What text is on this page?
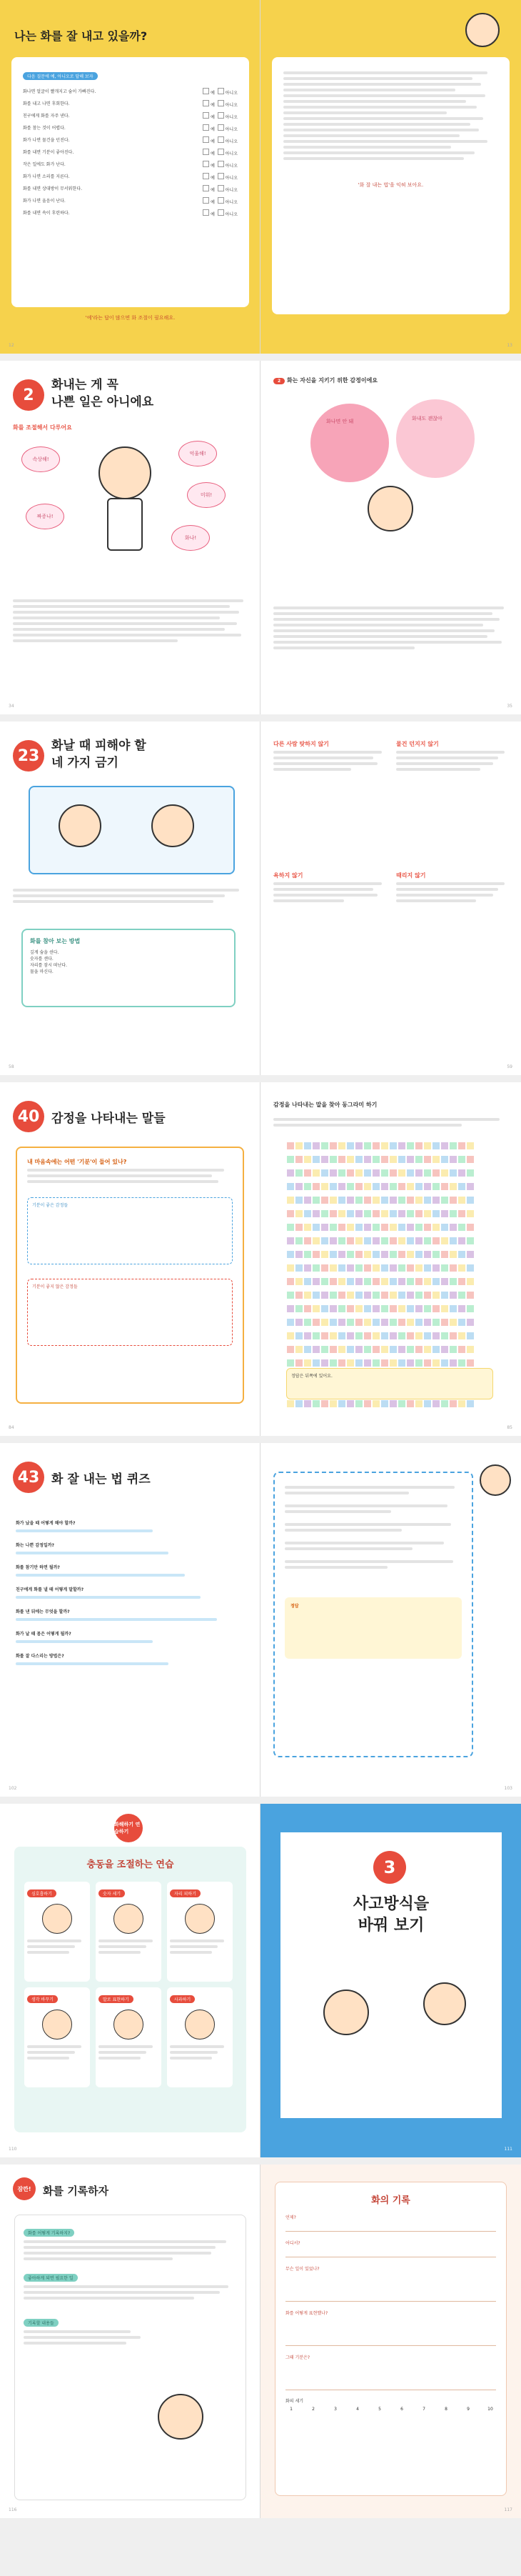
나는 화를 잘 내고 있을까?
다음 질문에 예, 아니오로 답해 보자
화나면 얼굴이 빨개지고 숨이 가빠진다.	예 아니오
화를 내고 나면 후회한다.	예 아니오
친구에게 화를 자주 낸다.	예 아니오
화를 참는 것이 어렵다.	예 아니오
화가 나면 물건을 던진다.	예 아니오
화를 내면 기분이 좋아진다.	예 아니오
작은 일에도 화가 난다.	예 아니오
화가 나면 소리를 지른다.	예 아니오
화를 내면 상대방이 무서워한다.	예 아니오
화가 나면 울음이 난다.	예 아니오
화를 내면 속이 후련하다.	예 아니오
'예'라는 답이 많으면 화 조절이 필요해요.
12
'화 잘 내는 법'을 익혀 보아요.
13
2
화내는 게 꼭
나쁜 일은 아니에요
화를 조절해서 다루어요
속상해!
억울해!
짜증나!
미워!
화나!
34
2 화는 자신을 지키기 위한 감정이에요
화나면 안 돼	화내도 괜찮아
35
23
화날 때 피해야 할
네 가지 금기
화를 참아 보는 방법
깊게 숨을 쉰다.
숫자를 센다.
자리를 잠시 떠난다.
물을 마신다.
58
다른 사람 탓하지 않기	물건 던지지 않기
욕하지 않기	때리지 않기
59
40 감정을 나타내는 말들
내 마음속에는 어떤 '기분'이 들어 있나?
기분이 좋은 감정들
기분이 좋지 않은 감정들
84
감정을 나타내는 말을 찾아 동그라미 하기
정답은 뒤쪽에 있어요.
85
43 화 잘 내는 법 퀴즈
화가 났을 때 어떻게 해야 할까?
화는 나쁜 감정일까?
화를 참기만 하면 될까?
친구에게 화를 낼 때 어떻게 말할까?
화를 낸 뒤에는 무엇을 할까?
화가 날 때 몸은 어떻게 될까?
화를 잘 다스리는 방법은?
102
정답
103
화해하기 연습하기
충동을 조절하는 연습
심호흡하기	숫자 세기	자리 피하기
생각 바꾸기	말로 표현하기	사과하기
110
3
사고방식을
바꿔 보기
111
잠깐!	화를 기록하자
화를 어떻게 기록하지?
좋아하게 되면 필요한 일
기록할 내용들
116
화의 기록
언제?
어디서?
무슨 일이 있었나?
화를 어떻게 표현했나?
그때 기분은?
화의 세기
1	2	3	4	5	6	7	8	9	10
117
